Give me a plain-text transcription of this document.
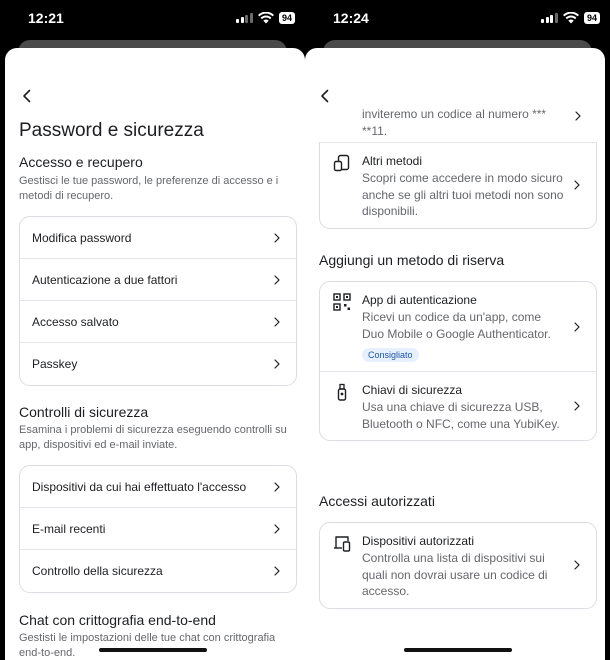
12:21	94
Password e sicurezza
Accesso e recupero
Gestisci le tue password, le preferenze di accesso e i metodi di recupero.
Modifica password
Autenticazione a due fattori
Accesso salvato
Passkey
Controlli di sicurezza
Esamina i problemi di sicurezza eseguendo controlli su app, dispositivi ed e-mail inviate.
Dispositivi da cui hai effettuato l'accesso
E-mail recenti
Controllo della sicurezza
Chat con crittografia end-to-end
Gestisti le impostazioni delle tue chat con crittografia end-to-end.
12:24	94
inviteremo un codice al numero *** **11.
Altri metodi
Scopri come accedere in modo sicuro anche se gli altri tuoi metodi non sono disponibili.
Aggiungi un metodo di riserva
App di autenticazione
Ricevi un codice da un'app, come Duo Mobile o Google Authenticator.
Consigliato
Chiavi di sicurezza
Usa una chiave di sicurezza USB, Bluetooth o NFC, come una YubiKey.
Accessi autorizzati
Dispositivi autorizzati
Controlla una lista di dispositivi sui quali non dovrai usare un codice di accesso.
